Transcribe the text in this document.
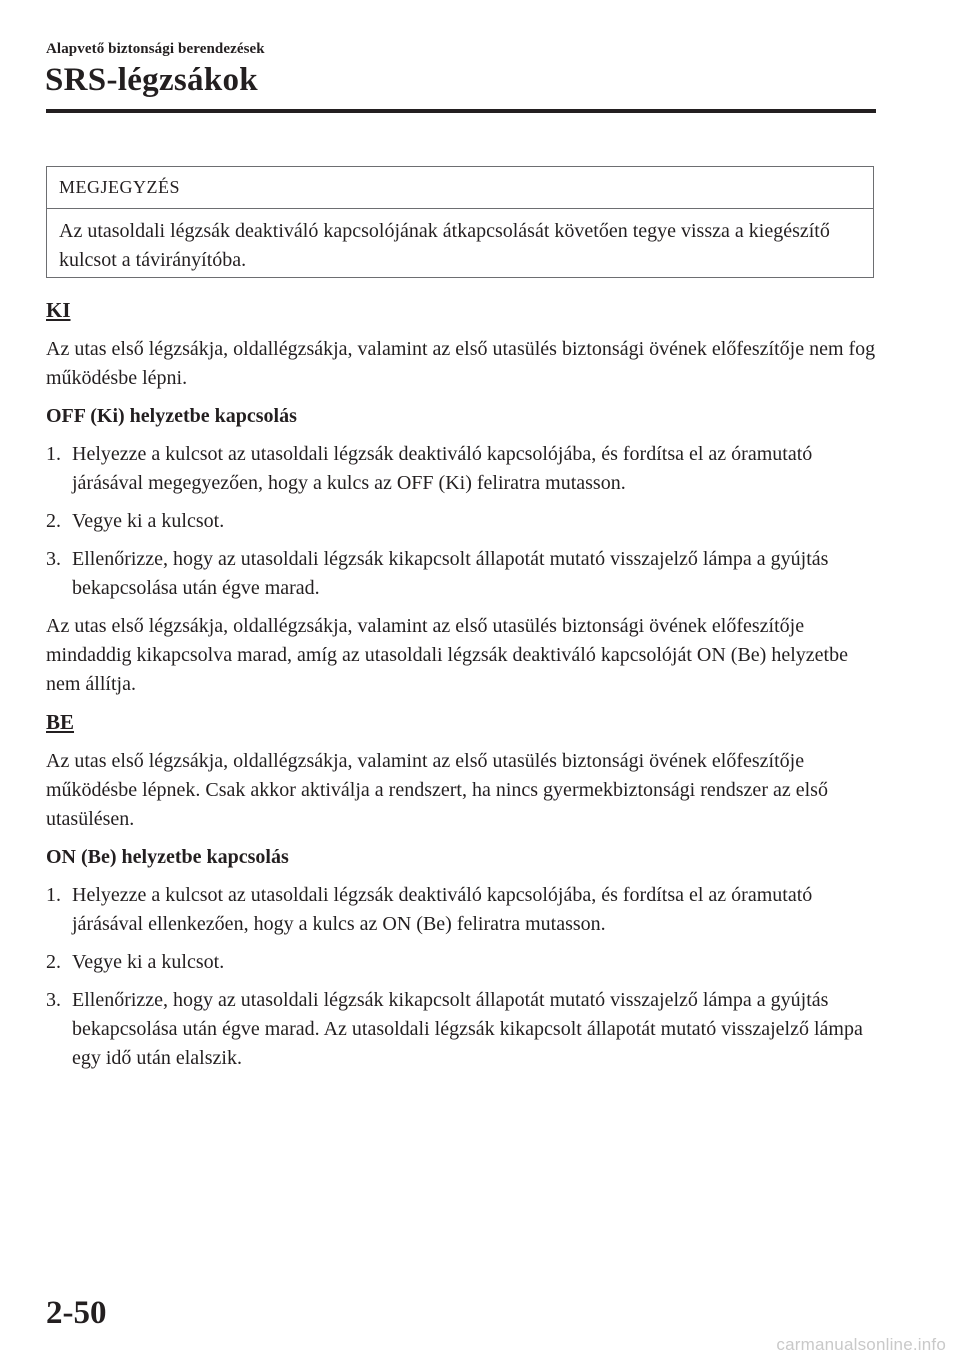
Alapvető biztonsági berendezések
SRS-légzsákok
MEGJEGYZÉS
Az utasoldali légzsák deaktiváló kapcsolójának átkapcsolását követően tegye vissza a kiegészítő kulcsot a távirányítóba.

KI

Az utas első légzsákja, oldallégzsákja, valamint az első utasülés biztonsági övének előfeszítője nem fog működésbe lépni.

OFF (Ki) helyzetbe kapcsolás

1. Helyezze a kulcsot az utasoldali légzsák deaktiváló kapcsolójába, és fordítsa el az óramutató járásával megegyezően, hogy a kulcs az OFF (Ki) feliratra mutasson.
2. Vegye ki a kulcsot.
3. Ellenőrizze, hogy az utasoldali légzsák kikapcsolt állapotát mutató visszajelző lámpa a gyújtás bekapcsolása után égve marad.

Az utas első légzsákja, oldallégzsákja, valamint az első utasülés biztonsági övének előfeszítője mindaddig kikapcsolva marad, amíg az utasoldali légzsák deaktiváló kapcsolóját ON (Be) helyzetbe nem állítja.

BE

Az utas első légzsákja, oldallégzsákja, valamint az első utasülés biztonsági övének előfeszítője működésbe lépnek. Csak akkor aktiválja a rendszert, ha nincs gyermekbiztonsági rendszer az első utasülésen.

ON (Be) helyzetbe kapcsolás

1. Helyezze a kulcsot az utasoldali légzsák deaktiváló kapcsolójába, és fordítsa el az óramutató járásával ellenkezően, hogy a kulcs az ON (Be) feliratra mutasson.
2. Vegye ki a kulcsot.
3. Ellenőrizze, hogy az utasoldali légzsák kikapcsolt állapotát mutató visszajelző lámpa a gyújtás bekapcsolása után égve marad. Az utasoldali légzsák kikapcsolt állapotát mutató visszajelző lámpa egy idő után elalszik.
2-50
carmanualsonline.info
